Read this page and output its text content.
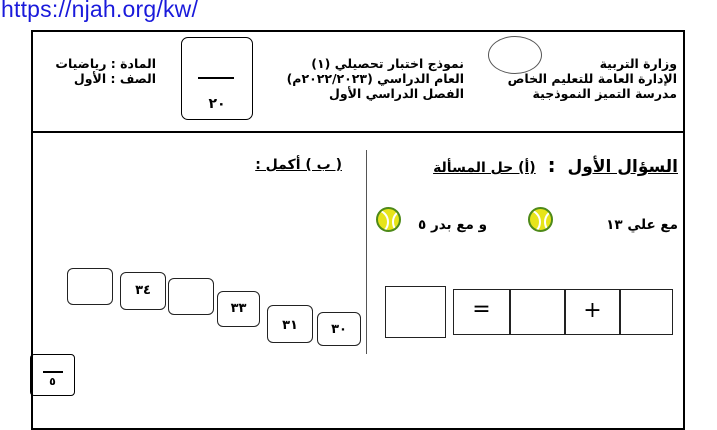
https://njah.org/kw/
وزارة التربية
الإدارة العامة للتعليم الخاص
مدرسة التميز النموذجية
نموذج اختبار تحصيلي (١)
العام الدراسي (٢٠٢٢/٢٠٢٣م)
الفصل الدراسي الأول
٢٠
المادة : رياضيات
الصف : الأول
السؤال الأول : (أ) حل المسألة
مع علي ١٣
و مع بدر ٥
+
=
( ب ) أكمل :
٣٠
٣١
٣٣
٣٤
٥
